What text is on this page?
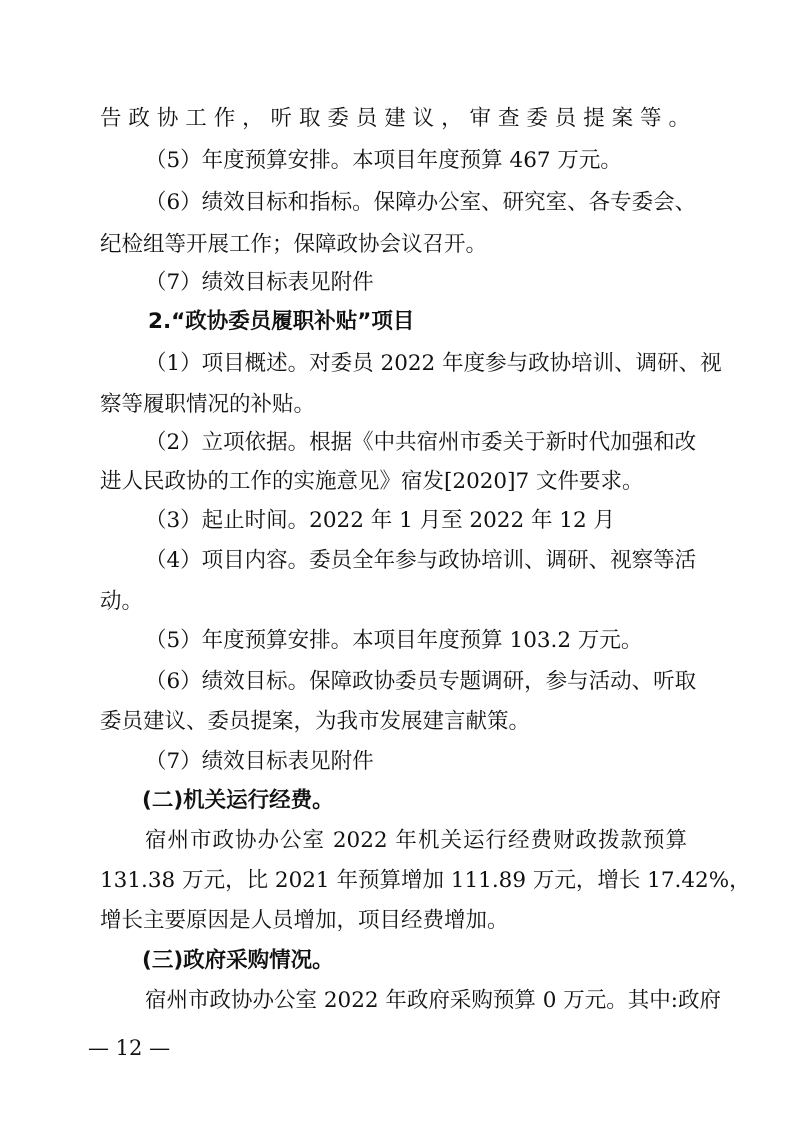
告政协工作，听取委员建议，审查委员提案等。
（5）年度预算安排。本项目年度预算 467 万元。
（6）绩效目标和指标。保障办公室、研究室、各专委会、
纪检组等开展工作；保障政协会议召开。
（7）绩效目标表见附件
2.“政协委员履职补贴”项目
（1）项目概述。对委员 2022 年度参与政协培训、调研、视
察等履职情况的补贴。
（2）立项依据。根据《中共宿州市委关于新时代加强和改
进人民政协的工作的实施意见》宿发[2020]7 文件要求。
（3）起止时间。2022 年 1 月至 2022 年 12 月
（4）项目内容。委员全年参与政协培训、调研、视察等活
动。
（5）年度预算安排。本项目年度预算 103.2 万元。
（6）绩效目标。保障政协委员专题调研，参与活动、听取
委员建议、委员提案，为我市发展建言献策。
（7）绩效目标表见附件
(二)机关运行经费。
宿州市政协办公室 2022 年机关运行经费财政拨款预算
131.38 万元，比 2021 年预算增加 111.89 万元，增长 17.42%，
增长主要原因是人员增加，项目经费增加。
(三)政府采购情况。
宿州市政协办公室 2022 年政府采购预算 0 万元。其中:政府
— 12 —
